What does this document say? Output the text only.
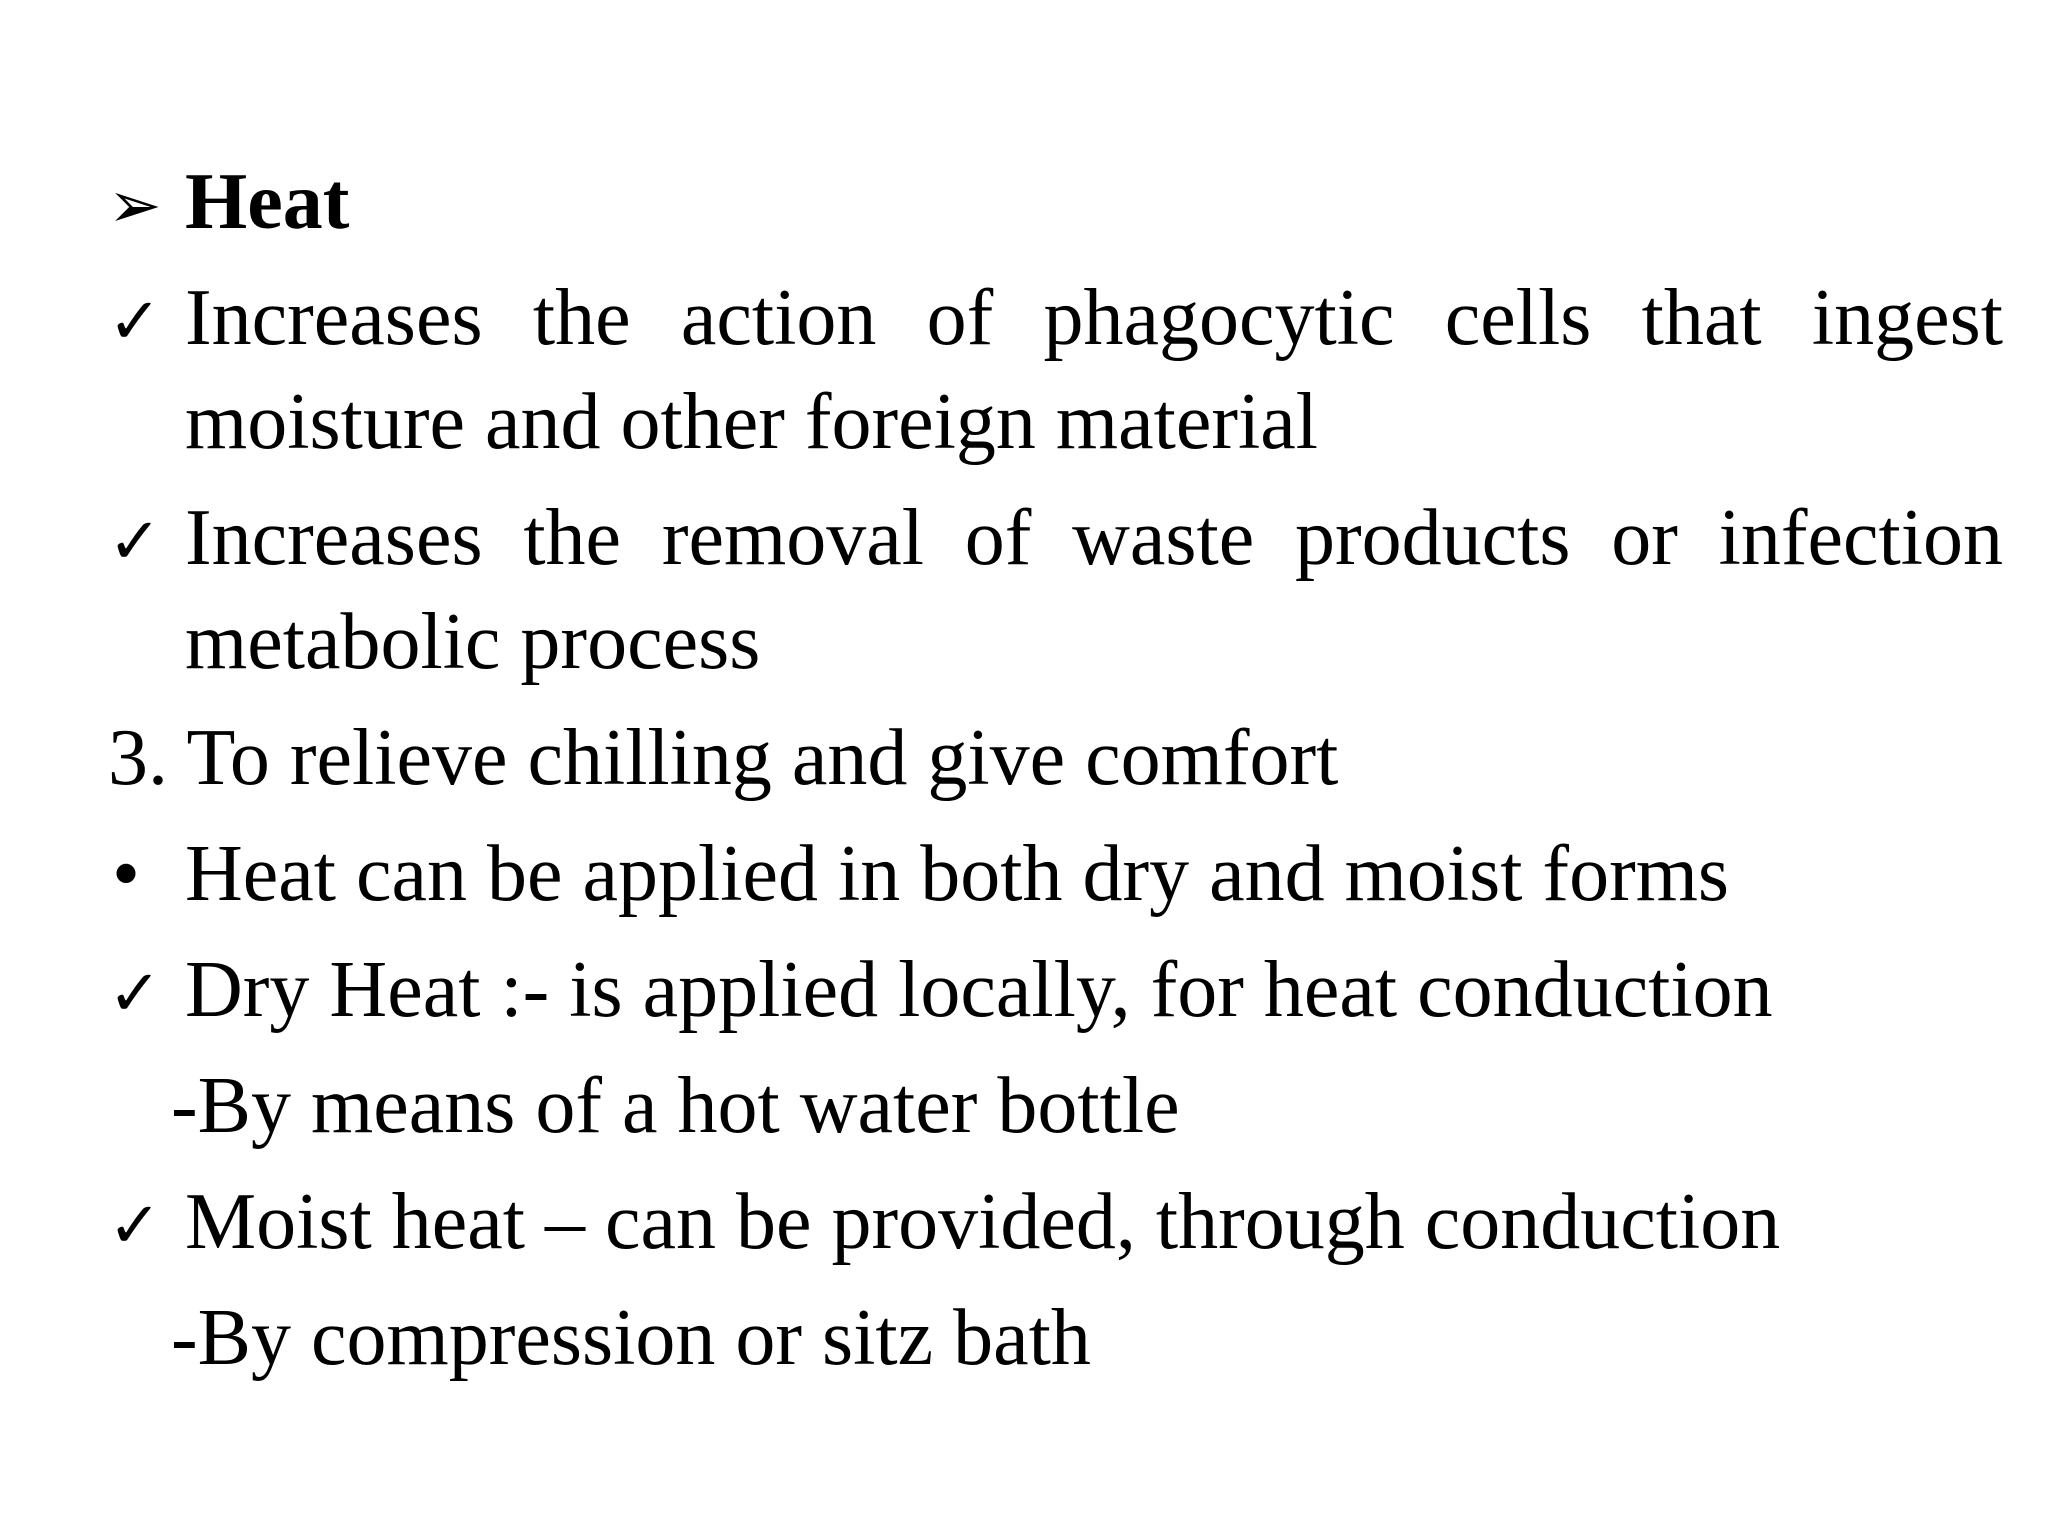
➢ Heat
✓ Increases the action of phagocytic cells that ingest moisture and other foreign material
✓ Increases the removal of waste products or infection metabolic process
3. To relieve chilling and give comfort
• Heat can be applied in both dry and moist forms
✓ Dry Heat :- is applied locally, for heat conduction
-By means of a hot water bottle
✓ Moist heat – can be provided, through conduction
-By compression or sitz bath
